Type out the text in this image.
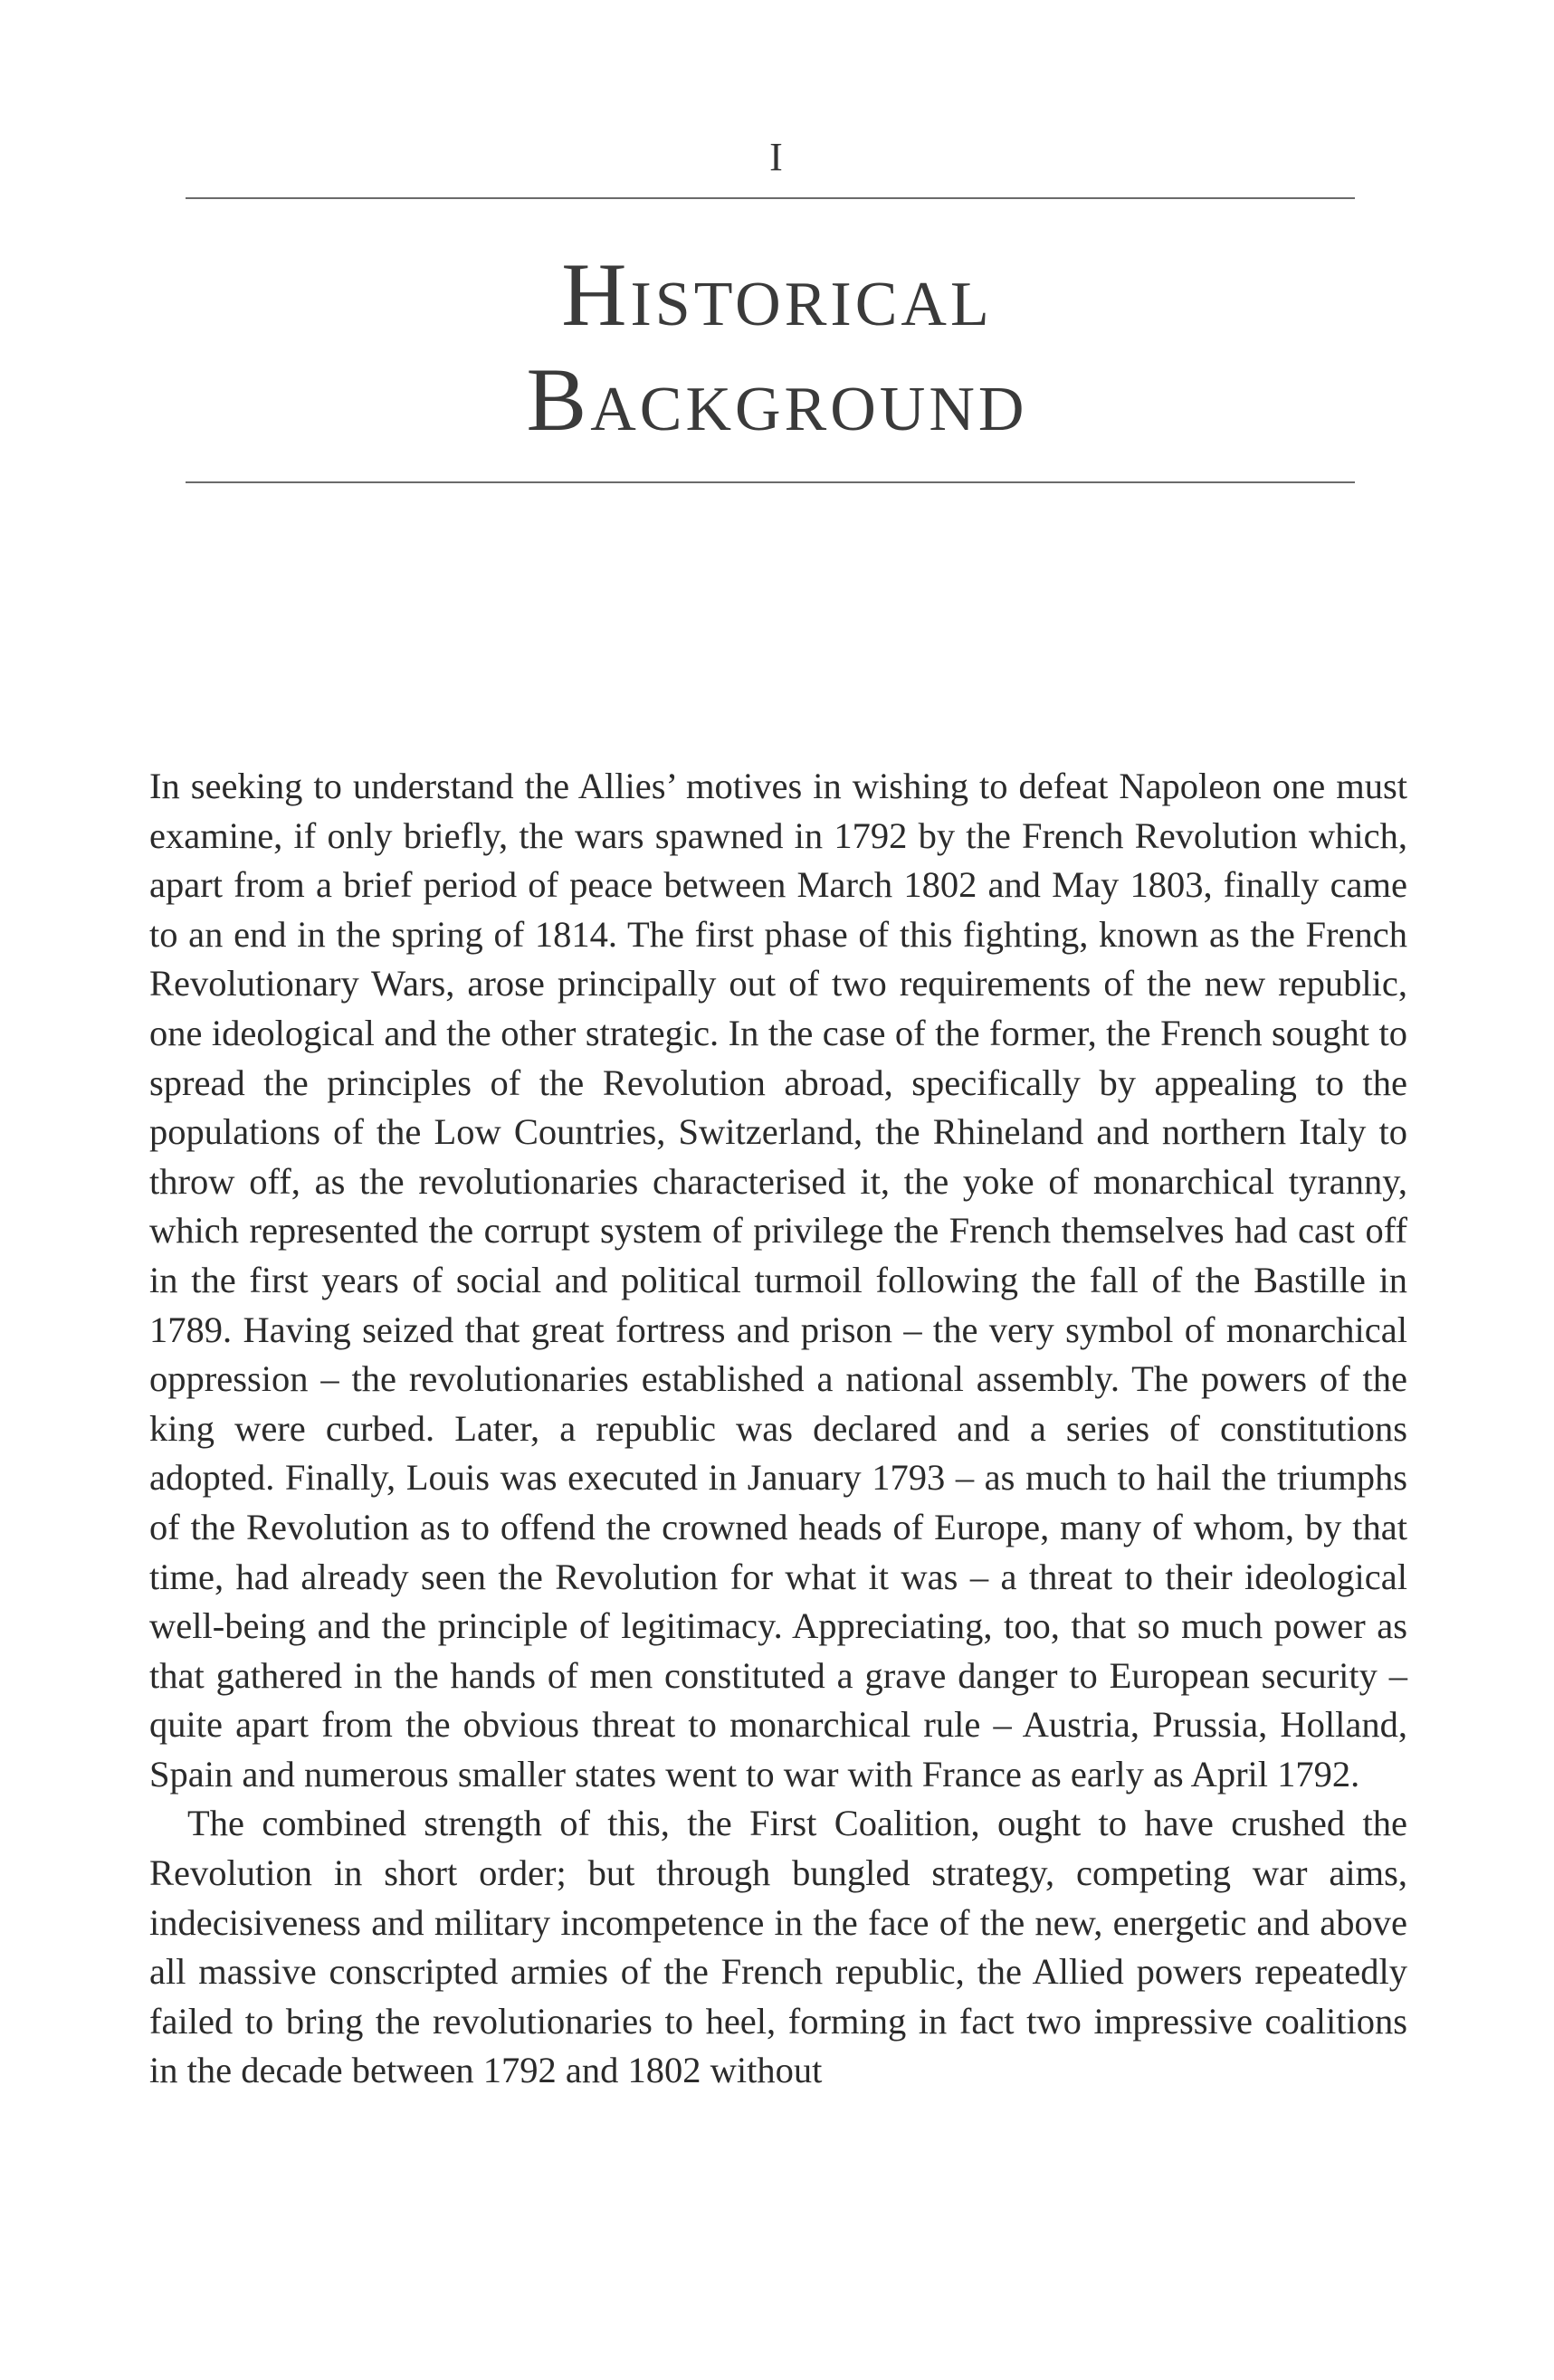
I
Historical
Background

In seeking to understand the Allies’ motives in wishing to defeat Napoleon one must examine, if only briefly, the wars spawned in 1792 by the French Revolution which, apart from a brief period of peace between March 1802 and May 1803, finally came to an end in the spring of 1814. The first phase of this fighting, known as the French Revolutionary Wars, arose principally out of two requirements of the new republic, one ideological and the other strategic. In the case of the former, the French sought to spread the principles of the Revolution abroad, specifically by appealing to the populations of the Low Countries, Switzerland, the Rhineland and northern Italy to throw off, as the revolutionaries characterised it, the yoke of monarchical tyranny, which represented the corrupt system of privilege the French themselves had cast off in the first years of social and political turmoil following the fall of the Bastille in 1789. Having seized that great fortress and prison – the very symbol of monarchical oppression – the revolutionaries established a national assembly. The powers of the king were curbed. Later, a republic was declared and a series of constitutions adopted. Finally, Louis was executed in January 1793 – as much to hail the triumphs of the Revolution as to offend the crowned heads of Europe, many of whom, by that time, had already seen the Revolution for what it was – a threat to their ideological well-being and the principle of legitimacy. Appreciating, too, that so much power as that gathered in the hands of men constituted a grave danger to European security – quite apart from the obvious threat to monarchical rule – Austria, Prussia, Holland, Spain and numerous smaller states went to war with France as early as April 1792.

The combined strength of this, the First Coalition, ought to have crushed the Revolution in short order; but through bungled strategy, competing war aims, indecisiveness and military incompetence in the face of the new, energetic and above all massive conscripted armies of the French republic, the Allied powers repeatedly failed to bring the revolutionaries to heel, forming in fact two impressive coalitions in the decade between 1792 and 1802 without
